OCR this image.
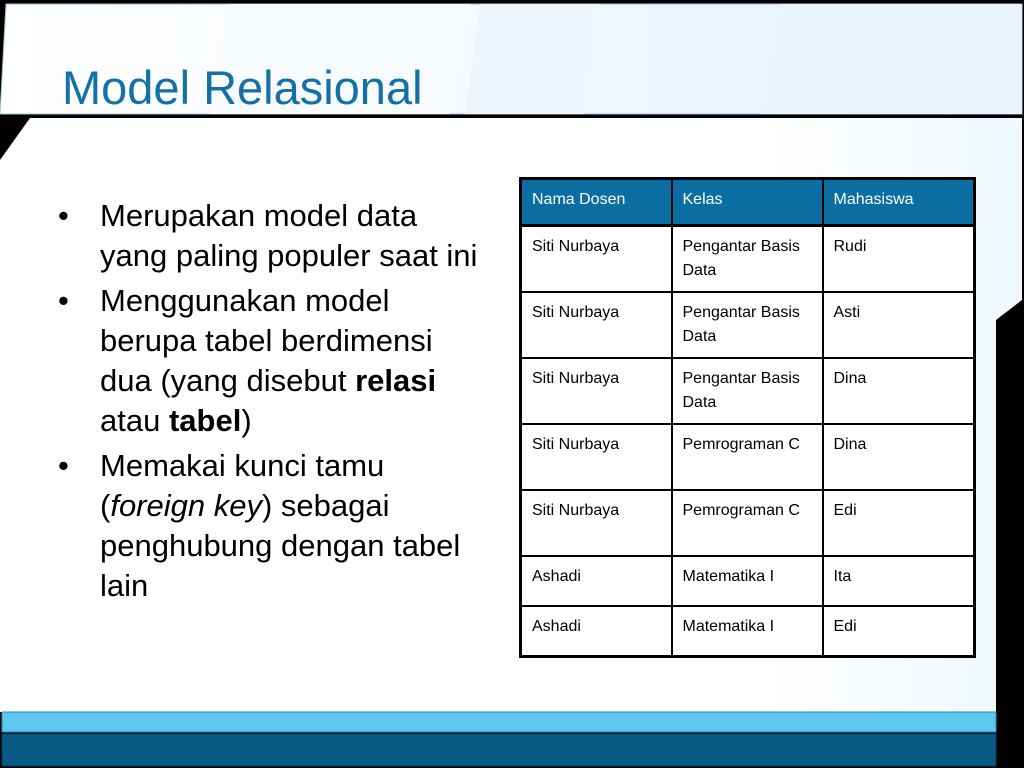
Model Relasional
• Merupakan model data yang paling populer saat ini
• Menggunakan model berupa tabel berdimensi dua (yang disebut relasi atau tabel)
• Memakai kunci tamu (foreign key) sebagai penghubung dengan tabel lain
Nama Dosen	Kelas	Mahasiswa
Siti Nurbaya	Pengantar Basis Data	Rudi
Siti Nurbaya	Pengantar Basis Data	Asti
Siti Nurbaya	Pengantar Basis Data	Dina
Siti Nurbaya	Pemrograman C	Dina
Siti Nurbaya	Pemrograman C	Edi
Ashadi	Matematika I	Ita
Ashadi	Matematika I	Edi
